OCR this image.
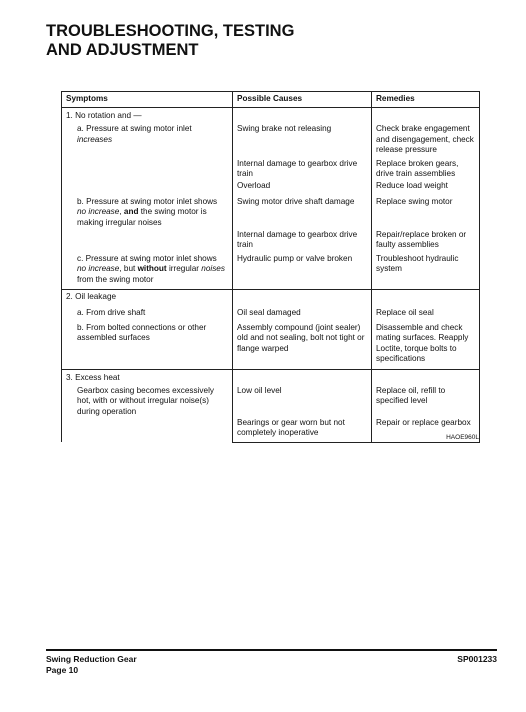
TROUBLESHOOTING, TESTING
AND ADJUSTMENT
Symptoms	Possible Causes	Remedies
1. No rotation and —		
a. Pressure at swing motor inlet
increases	Swing brake not releasing	Check brake engagement and disengagement, check release pressure
	Internal damage to gearbox drive train	Replace broken gears, drive train assemblies
	Overload	Reduce load weight
b. Pressure at swing motor inlet shows no increase, and the swing motor is making irregular noises	Swing motor drive shaft damage	Replace swing motor
	Internal damage to gearbox drive train	Repair/replace broken or faulty assemblies
c. Pressure at swing motor inlet shows no increase, but without irregular noises from the swing motor	Hydraulic pump or valve broken	Troubleshoot hydraulic system
2. Oil leakage		
a. From drive shaft	Oil seal damaged	Replace oil seal
b. From bolted connections or other assembled surfaces	Assembly compound (joint sealer) old and not sealing, bolt not tight or flange warped	Disassemble and check mating surfaces. Reapply Loctite, torque bolts to specifications
3. Excess heat		
Gearbox casing becomes excessively hot, with or without irregular noise(s) during operation	Low oil level	Replace oil, refill to specified level
	Bearings or gear worn but not completely inoperative	Repair or replace gearbox
HAOE960L
Swing Reduction Gear
Page 10
SP001233
